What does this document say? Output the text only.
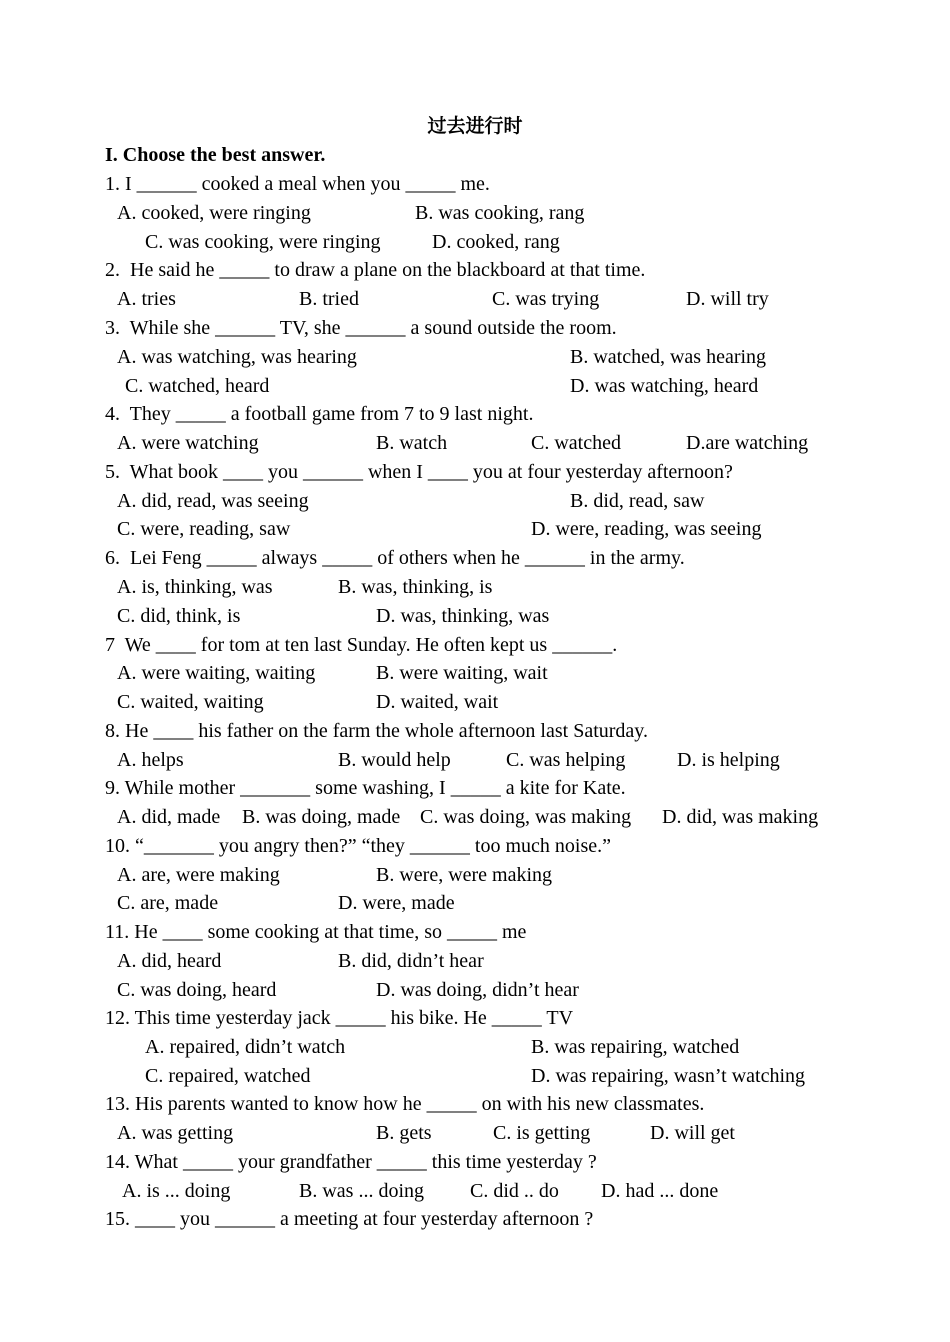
过去进行时
I. Choose the best answer.
1. I ______ cooked a meal when you _____ me.
A. cooked, were ringing	B. was cooking, rang
C. was cooking, were ringing	D. cooked, rang
2.  He said he _____ to draw a plane on the blackboard at that time.
A. tries	B. tried	C. was trying	D. will try
3.  While she ______ TV, she ______ a sound outside the room.
A. was watching, was hearing	B. watched, was hearing
C. watched, heard	D. was watching, heard
4.  They _____ a football game from 7 to 9 last night.
A. were watching	B. watch	C. watched	D.are watching
5.  What book ____ you ______ when I ____ you at four yesterday afternoon?
A. did, read, was seeing	B. did, read, saw
C. were, reading, saw	D. were, reading, was seeing
6.  Lei Feng _____ always _____ of others when he ______ in the army.
A. is, thinking, was	B. was, thinking, is
C. did, think, is	D. was, thinking, was
7  We ____ for tom at ten last Sunday. He often kept us ______.
A. were waiting, waiting	B. were waiting, wait
C. waited, waiting	D. waited, wait
8. He ____ his father on the farm the whole afternoon last Saturday.
A. helps	B. would help	C. was helping	D. is helping
9. While mother _______ some washing, I _____ a kite for Kate.
A. did, made B. was doing, made C. was doing, was making D. did, was making
10. “_______ you angry then?” “they ______ too much noise.”
A. are, were making	B. were, were making
C. are, made	D. were, made
11. He ____ some cooking at that time, so _____ me
A. did, heard	B. did, didn’t hear
C. was doing, heard	D. was doing, didn’t hear
12. This time yesterday jack _____ his bike. He _____ TV
A. repaired, didn’t watch	B. was repairing, watched
C. repaired, watched	D. was repairing, wasn’t watching
13. His parents wanted to know how he _____ on with his new classmates.
A. was getting	B. gets	C. is getting	D. will get
14. What _____ your grandfather _____ this time yesterday ?
A. is ... doing	B. was ... doing C. did .. do D. had ... done
15. ____ you ______ a meeting at four yesterday afternoon ?
